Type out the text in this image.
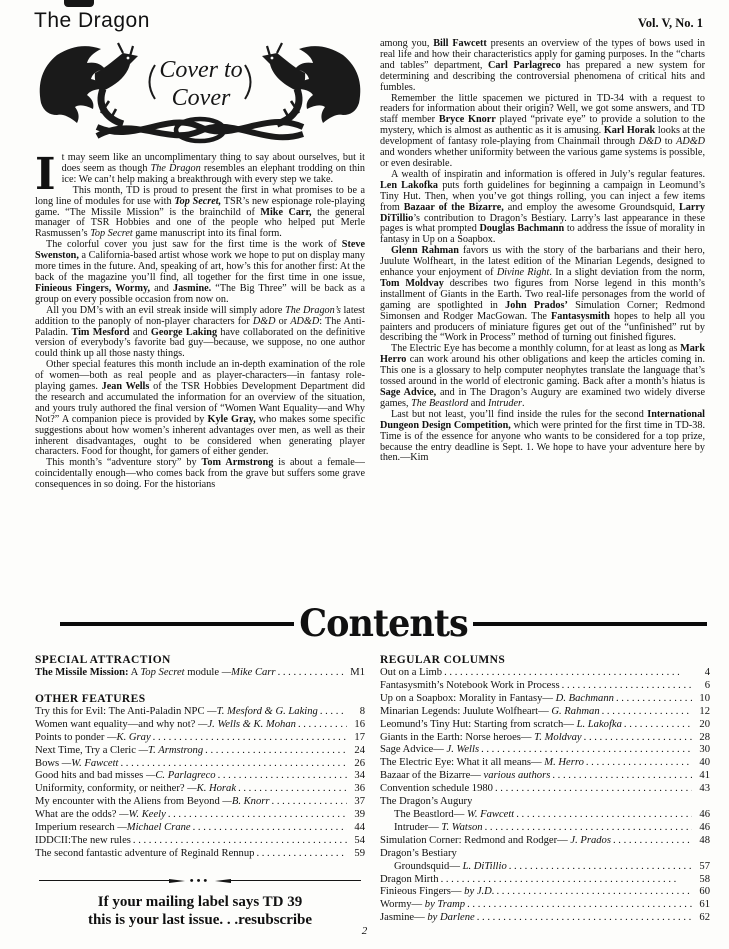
The Dragon	Vol. V, No. 1
Cover to
Cover

I t may seem like an uncomplimentary thing to say about ourselves, but it does seem as though The Dragon resembles an elephant trodding on thin ice: We can’t help making a breakthrough with every step we take.

This month, TD is proud to present the first in what promises to be a long line of modules for use with Top Secret, TSR’s new espionage role-playing game. “The Missile Mission” is the brainchild of Mike Carr, the general manager of TSR Hobbies and one of the people who helped put Merle Rasmussen’s Top Secret game manuscript into its final form.

The colorful cover you just saw for the first time is the work of Steve Swenston, a California-based artist whose work we hope to put on display many more times in the future. And, speaking of art, how’s this for another first: At the back of the magazine you’ll find, all together for the first time in one issue, Finieous Fingers, Wormy, and Jasmine. “The Big Three” will be back as a group on every possible occasion from now on.

All you DM’s with an evil streak inside will simply adore The Dragon’s latest addition to the panoply of non-player characters for D&D or AD&D: The Anti-Paladin. Tim Mesford and George Laking have collaborated on the definitive version of everybody’s favorite bad guy—because, we suppose, no one author could think up all those nasty things.

Other special features this month include an in-depth examination of the role of women—both as real people and as player-characters—in fantasy role-playing games. Jean Wells of the TSR Hobbies Development Department did the research and accumulated the information for an overview of the situation, and yours truly authored the final version of “Women Want Equality—and Why Not?” A companion piece is provided by Kyle Gray, who makes some specific suggestions about how women’s inherent advantages over men, as well as their inherent disadvantages, ought to be considered when generating player characters. Food for thought, for gamers of either gender.

This month’s “adventure story” by Tom Armstrong is about a female—coincidentally enough—who comes back from the grave but suffers some grave consequences in so doing. For the historians

among you, Bill Fawcett presents an overview of the types of bows used in real life and how their characteristics apply for gaming purposes. In the “charts and tables” department, Carl Parlagreco has prepared a new system for determining and describing the controversial phenomena of critical hits and fumbles.

Remember the little spacemen we pictured in TD-34 with a request to readers for information about their origin? Well, we got some answers, and TD staff member Bryce Knorr played “private eye” to provide a solution to the mystery, which is almost as authentic as it is amusing. Karl Horak looks at the development of fantasy role-playing from Chainmail through D&D to AD&D and wonders whether uniformity between the various game systems is possible, or even desirable.

A wealth of inspiratin and information is offered in July’s regular features. Len Lakofka puts forth guidelines for beginning a campaign in Leomund’s Tiny Hut. Then, when you’ve got things rolling, you can inject a few items from Bazaar of the Bizarre, and employ the awesome Groundsquid, Larry DiTillio’s contribution to Dragon’s Bestiary. Larry’s last appearance in these pages is what prompted Douglas Bachmann to address the issue of morality in fantasy in Up on a Soapbox.

Glenn Rahman favors us with the story of the barbarians and their hero, Juulute Wolfheart, in the latest edition of the Minarian Legends, designed to enhance your enjoyment of Divine Right. In a slight deviation from the norm, Tom Moldvay describes two figures from Norse legend in this month’s installment of Giants in the Earth. Two real-life personages from the world of gaming are spotlighted in John Prados’ Simulation Corner; Redmond Simonsen and Rodger MacGowan. The Fantasysmith hopes to help all you painters and producers of miniature figures get out of the “unfinished” rut by describing the “Work in Process” method of turning out finished figures.

The Electric Eye has become a monthly column, for at least as long as Mark Herro can work around his other obligations and keep the articles coming in. This one is a glossary to help computer neophytes translate the language that’s tossed around in the world of electronic gaming. Back after a month’s hiatus is Sage Advice, and in The Dragon’s Augury are examined two widely diverse games, The Beastlord and Intruder.

Last but not least, you’ll find inside the rules for the second International Dungeon Design Competition, which were printed for the first time in TD-38. Time is of the essence for anyone who wants to be considered for a top prize, because the entry deadline is Sept. 1. We hope to have your adventure here by then.—Kim

Contents
SPECIAL ATTRACTION
The Missile Mission: A Top Secret module —Mike Carr . . .	M1
OTHER FEATURES
Try this for Evil: The Anti-Paladin NPC —T. Mesford & G. Laking . . .	8
Women want equality—and why not? —J. Wells & K. Mohan . . .	16
Points to ponder —K. Gray . . .	17
Next Time, Try a Cleric —T. Armstrong . . .	24
Bows —W. Fawcett . . .	26
Good hits and bad misses —C. Parlagreco . . .	34
Uniformity, conformity, or neither? —K. Horak . . .	36
My encounter with the Aliens from Beyond —B. Knorr . . .	37
What are the odds? —W. Keely . . .	39
Imperium research —Michael Crane . . .	44
IDDCII:The new rules . . .	54
The second fantastic adventure of Reginald Rennup . . .	59
•••
If your mailing label says TD 39
this is your last issue. . .resubscribe
REGULAR COLUMNS
Out on a Limb . . .	4
Fantasysmith’s Notebook Work in Process . . .	6
Up on a Soapbox: Morality in Fantasy— D. Bachmann . . .	10
Minarian Legends: Juulute Wolfheart— G. Rahman . . .	12
Leomund’s Tiny Hut: Starting from scratch— L. Lakofka . . .	20
Giants in the Earth: Norse heroes— T. Moldvay . . .	28
Sage Advice— J. Wells . . .	30
The Electric Eye: What it all means— M. Herro . . .	40
Bazaar of the Bizarre— various authors . . .	41
Convention schedule 1980 . . .	43
The Dragon’s Augury
The Beastlord— W. Fawcett . . .	46
Intruder— T. Watson . . .	46
Simulation Corner: Redmond and Rodger— J. Prados . . .	48
Dragon’s Bestiary
Groundsquid— L. DiTillio . . .	57
Dragon Mirth . . .	58
Finieous Fingers— by J.D. . . .	60
Wormy— by Tramp . . .	61
Jasmine— by Darlene . . .	62
2
